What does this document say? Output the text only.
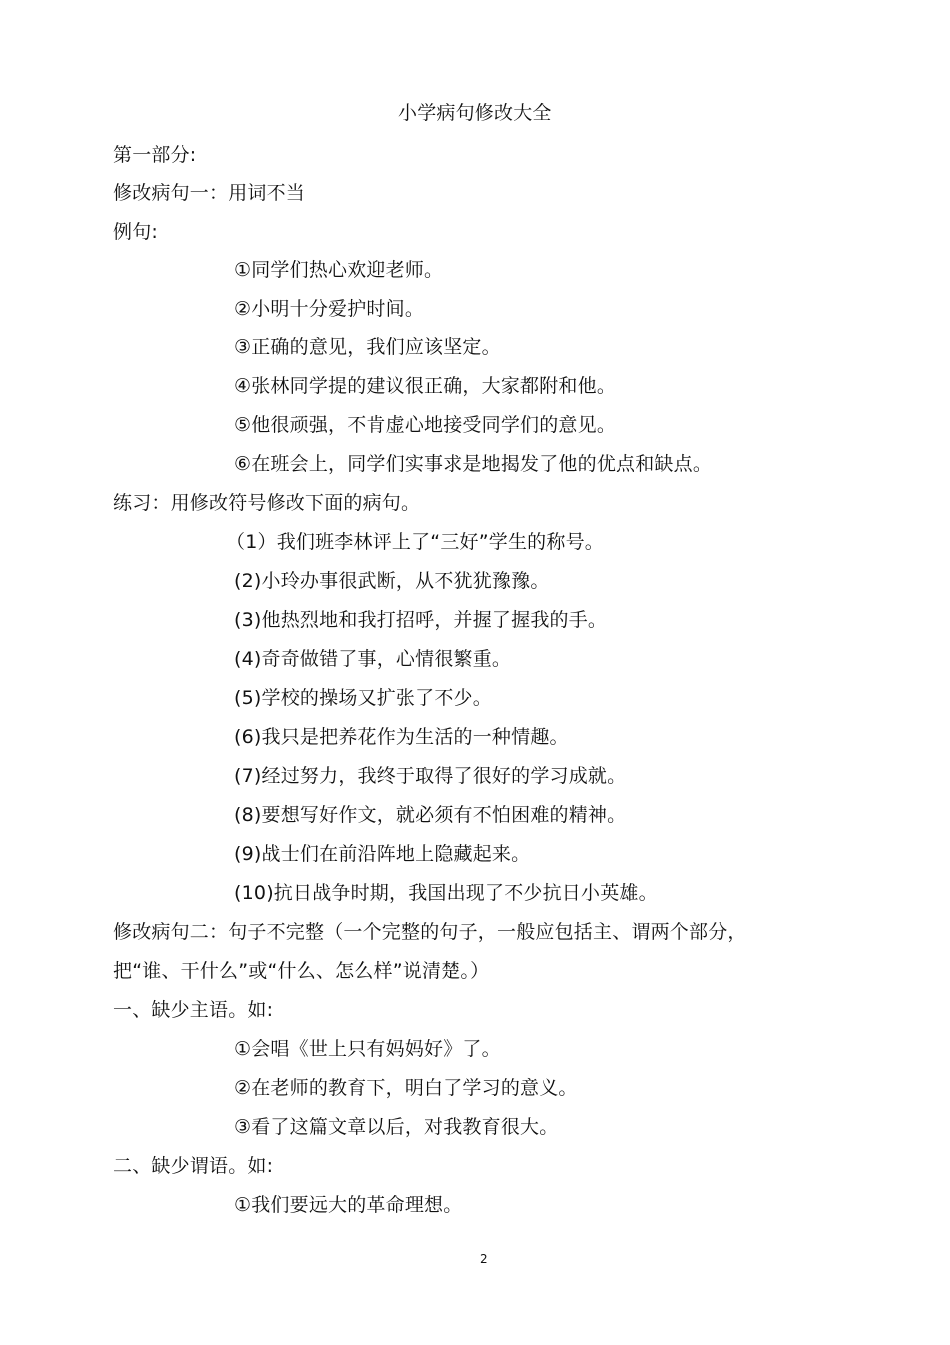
小学病句修改大全
第一部分:
修改病句一：用词不当
例句:
①同学们热心欢迎老师。
②小明十分爱护时间。
③正确的意见，我们应该坚定。
④张林同学提的建议很正确，大家都附和他。
⑤他很顽强，不肯虚心地接受同学们的意见。
⑥在班会上，同学们实事求是地揭发了他的优点和缺点。
练习：用修改符号修改下面的病句。
（1）我们班李林评上了“三好”学生的称号。
(2)小玲办事很武断，从不犹犹豫豫。
(3)他热烈地和我打招呼，并握了握我的手。
(4)奇奇做错了事，心情很繁重。
(5)学校的操场又扩张了不少。
(6)我只是把养花作为生活的一种情趣。
(7)经过努力，我终于取得了很好的学习成就。
(8)要想写好作文，就必须有不怕困难的精神。
(9)战士们在前沿阵地上隐藏起来。
(10)抗日战争时期，我国出现了不少抗日小英雄。
修改病句二：句子不完整（一个完整的句子，一般应包括主、谓两个部分，
把“谁、干什么”或“什么、怎么样”说清楚。）
一、缺少主语。如:
①会唱《世上只有妈妈好》了。
②在老师的教育下，明白了学习的意义。
③看了这篇文章以后，对我教育很大。
二、缺少谓语。如:
①我们要远大的革命理想。
2
